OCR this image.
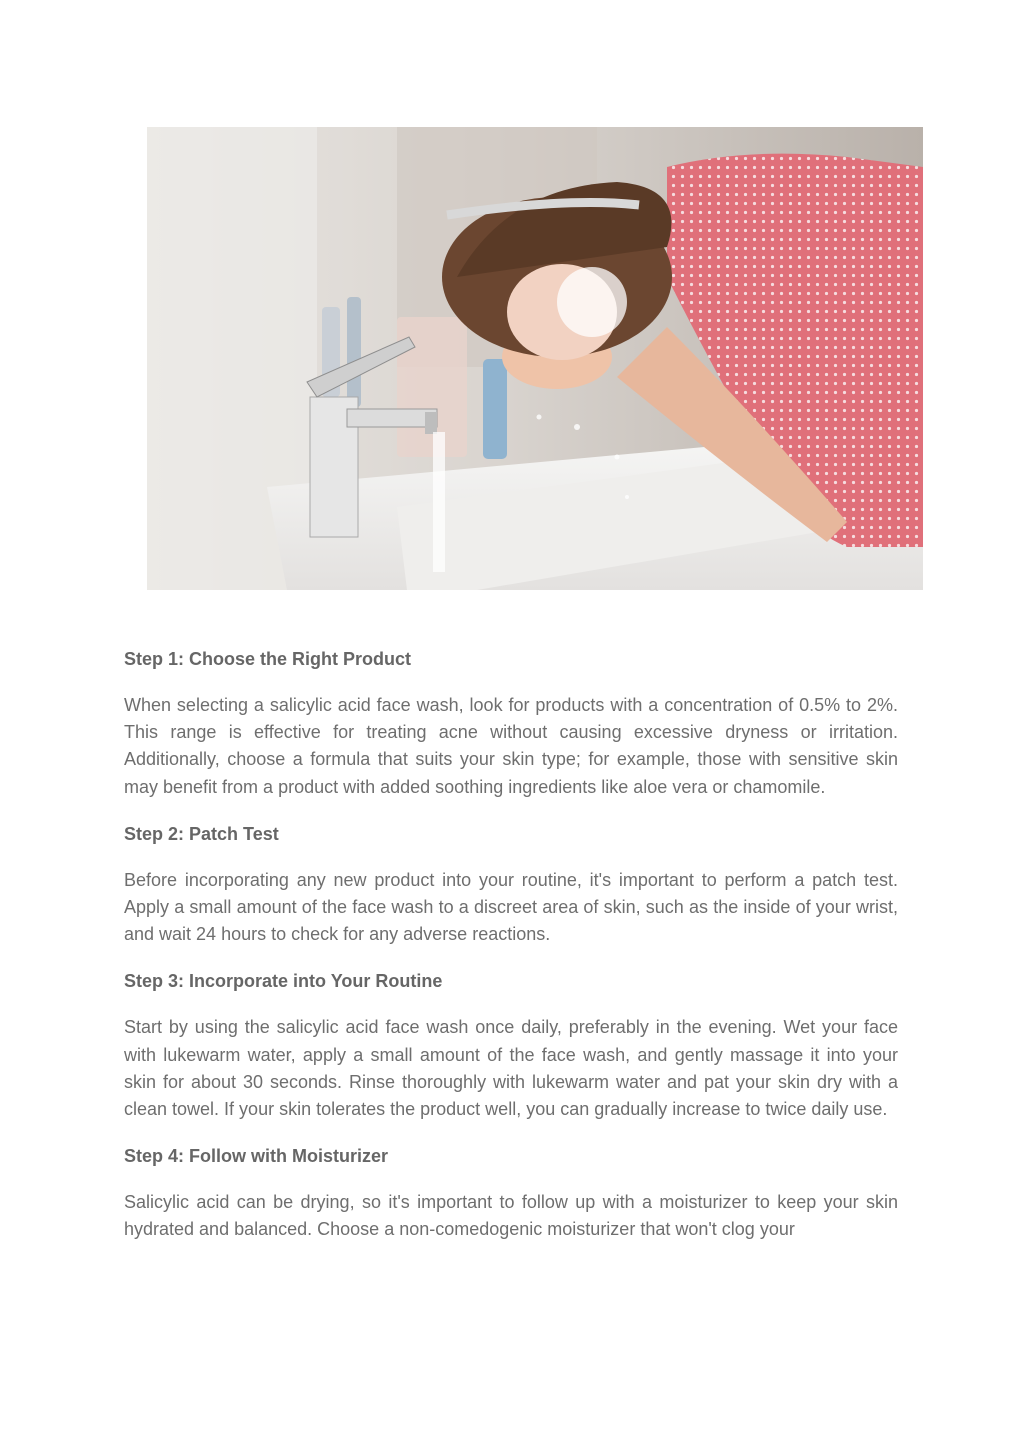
Step 1: Choose the Right Product

When selecting a salicylic acid face wash, look for products with a concentration of 0.5% to 2%. This range is effective for treating acne without causing excessive dryness or irritation. Additionally, choose a formula that suits your skin type; for example, those with sensitive skin may benefit from a product with added soothing ingredients like aloe vera or chamomile.

Step 2: Patch Test

Before incorporating any new product into your routine, it's important to perform a patch test. Apply a small amount of the face wash to a discreet area of skin, such as the inside of your wrist, and wait 24 hours to check for any adverse reactions.

Step 3: Incorporate into Your Routine

Start by using the salicylic acid face wash once daily, preferably in the evening. Wet your face with lukewarm water, apply a small amount of the face wash, and gently massage it into your skin for about 30 seconds. Rinse thoroughly with lukewarm water and pat your skin dry with a clean towel. If your skin tolerates the product well, you can gradually increase to twice daily use.

Step 4: Follow with Moisturizer

Salicylic acid can be drying, so it's important to follow up with a moisturizer to keep your skin hydrated and balanced. Choose a non-comedogenic moisturizer that won't clog your
